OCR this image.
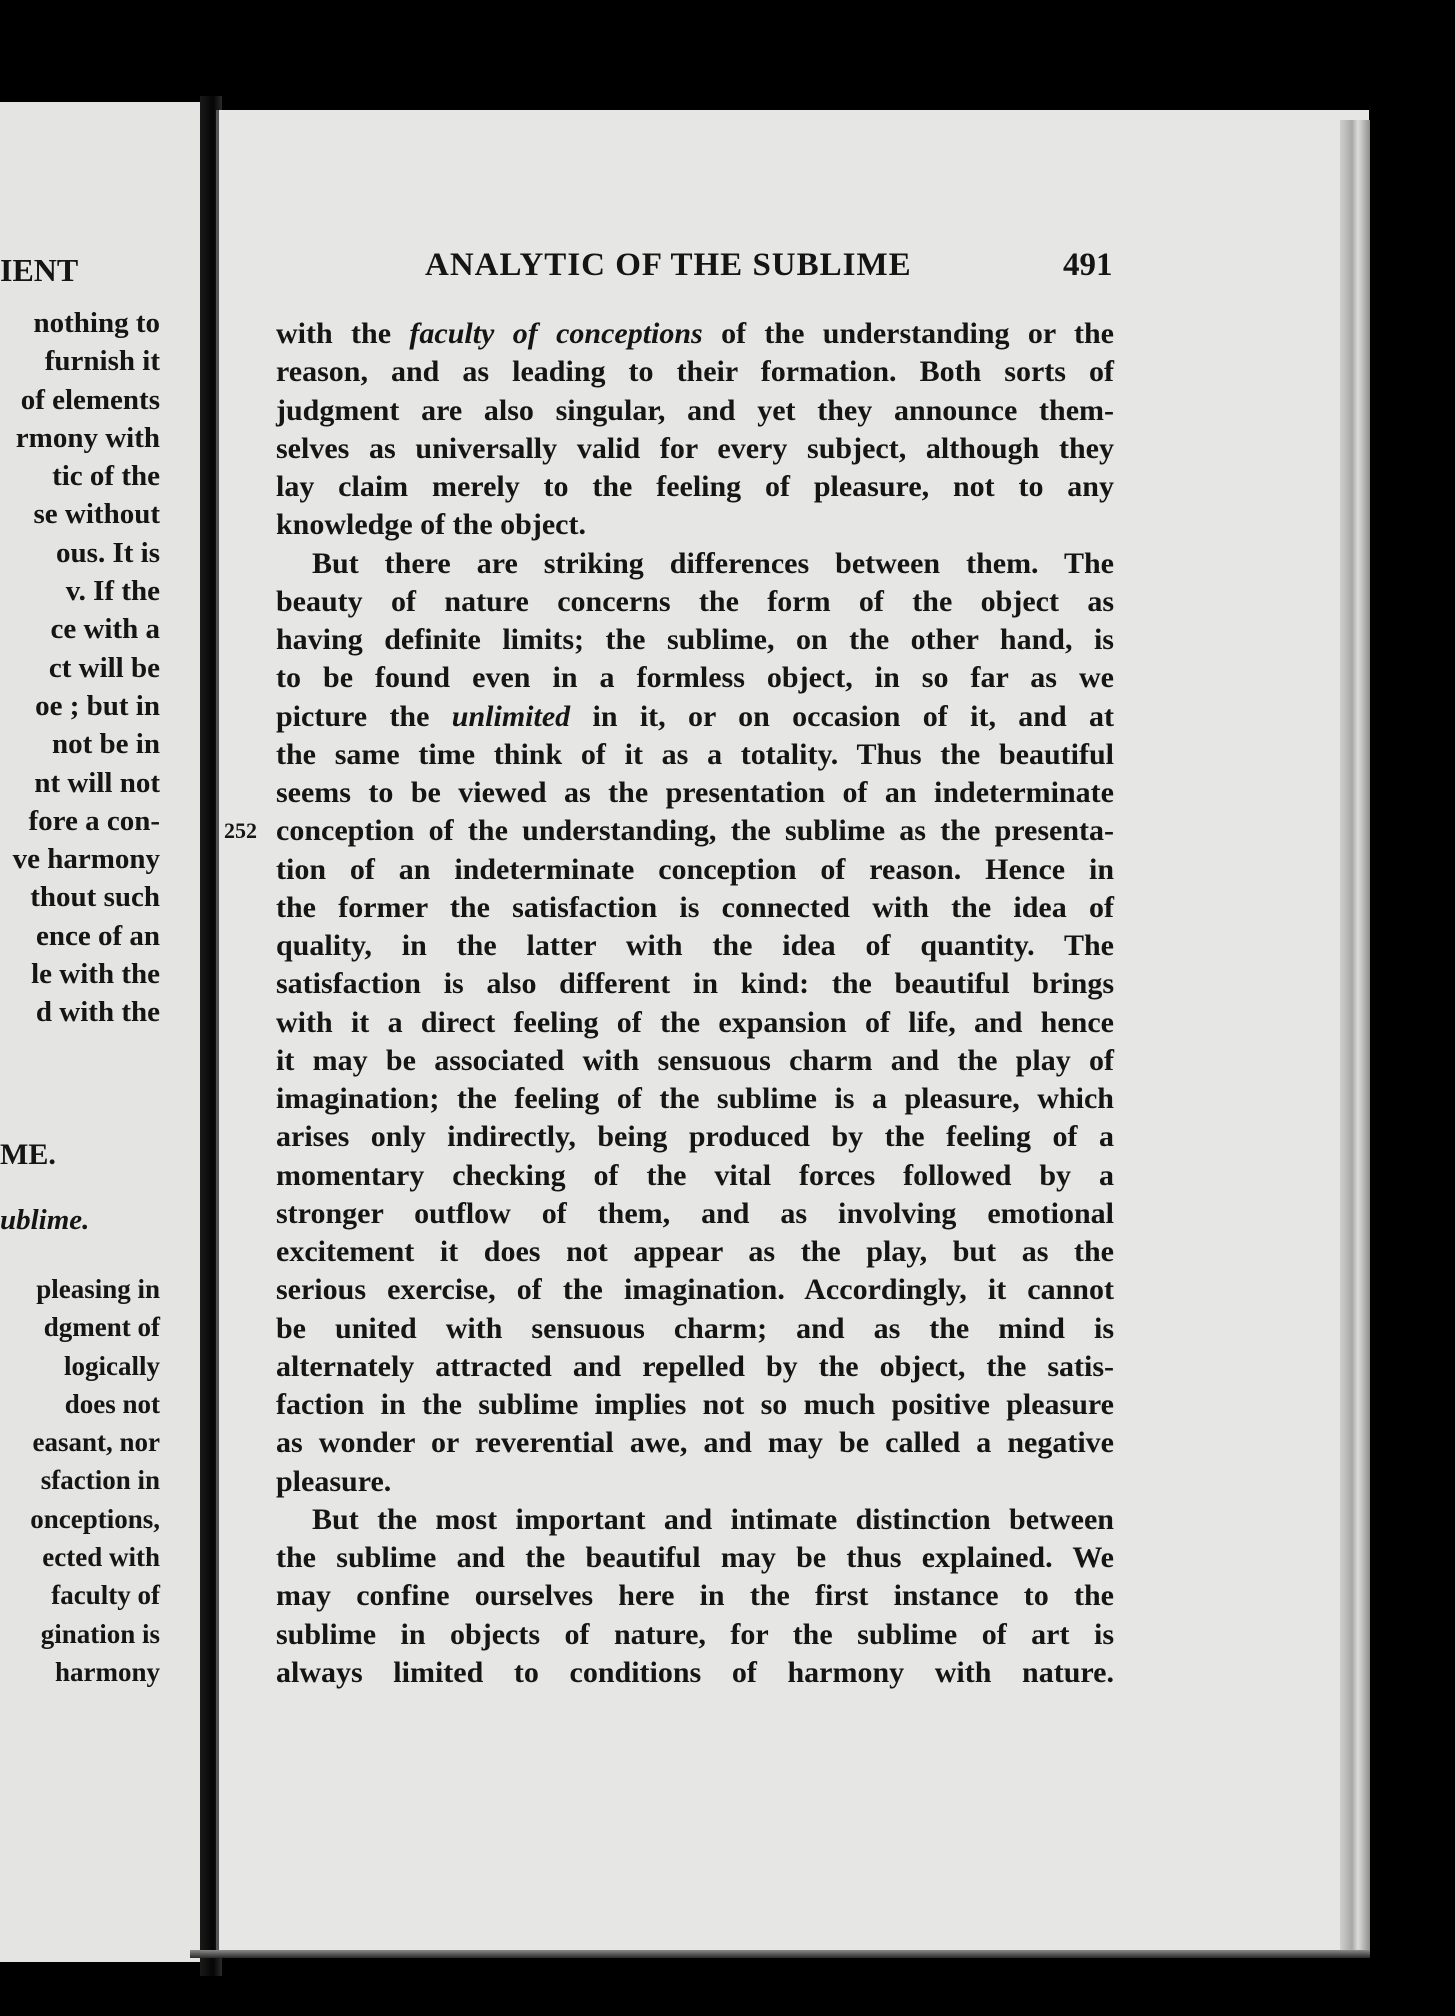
IENT
nothing to
furnish it
of elements
rmony with
tic of the
se without
ous. It is
v. If the
ce with a
ct will be
oe ; but in
not be in
nt will not
fore a con-
ve harmony
thout such
ence of an
le with the
d with the
ME.
ublime.
pleasing in
dgment of
logically
does not
easant, nor
sfaction in
onceptions,
ected with
faculty of
gination is
harmony
ANALYTIC OF THE SUBLIME	491
252
with the faculty of conceptions of the understanding or the
reason, and as leading to their formation. Both sorts of
judgment are also singular, and yet they announce them-
selves as universally valid for every subject, although they
lay claim merely to the feeling of pleasure, not to any
knowledge of the object.
But there are striking differences between them. The
beauty of nature concerns the form of the object as
having definite limits; the sublime, on the other hand, is
to be found even in a formless object, in so far as we
picture the unlimited in it, or on occasion of it, and at
the same time think of it as a totality. Thus the beautiful
seems to be viewed as the presentation of an indeterminate
conception of the understanding, the sublime as the presenta-
tion of an indeterminate conception of reason. Hence in
the former the satisfaction is connected with the idea of
quality, in the latter with the idea of quantity. The
satisfaction is also different in kind: the beautiful brings
with it a direct feeling of the expansion of life, and hence
it may be associated with sensuous charm and the play of
imagination; the feeling of the sublime is a pleasure, which
arises only indirectly, being produced by the feeling of a
momentary checking of the vital forces followed by a
stronger outflow of them, and as involving emotional
excitement it does not appear as the play, but as the
serious exercise, of the imagination. Accordingly, it cannot
be united with sensuous charm; and as the mind is
alternately attracted and repelled by the object, the satis-
faction in the sublime implies not so much positive pleasure
as wonder or reverential awe, and may be called a negative
pleasure.
But the most important and intimate distinction between
the sublime and the beautiful may be thus explained. We
may confine ourselves here in the first instance to the
sublime in objects of nature, for the sublime of art is
always limited to conditions of harmony with nature.
